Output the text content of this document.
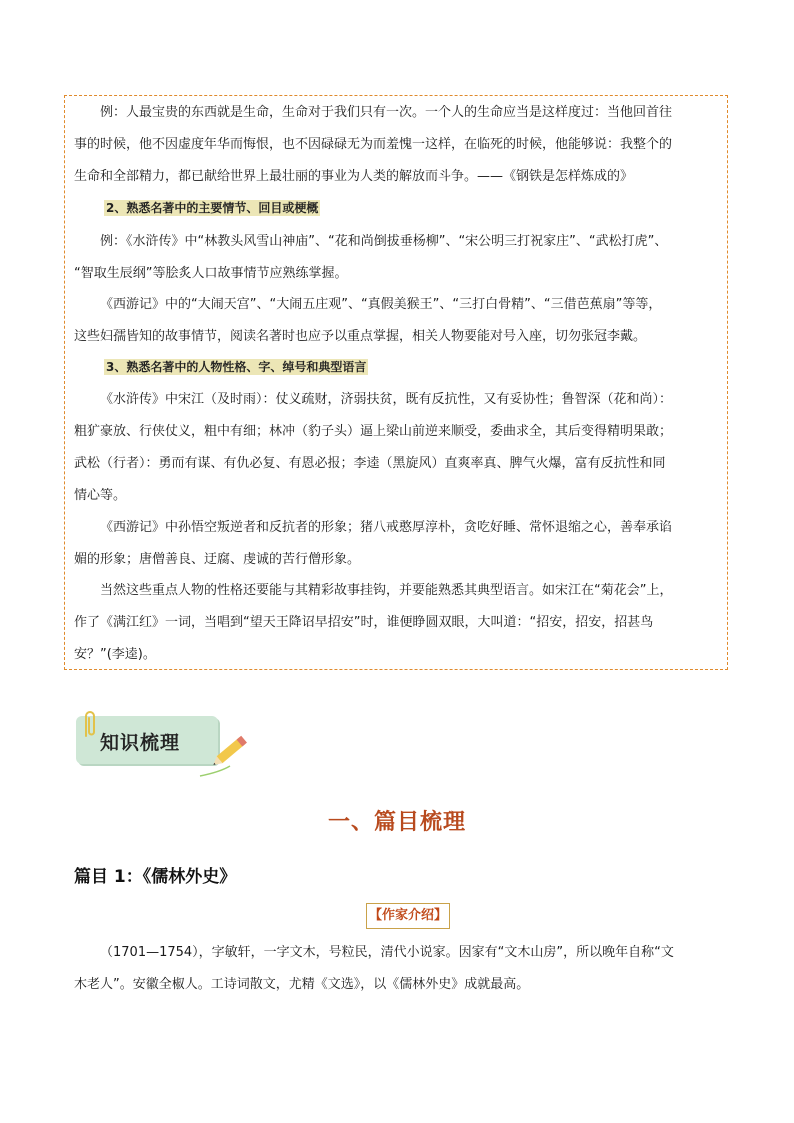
例：人最宝贵的东西就是生命，生命对于我们只有一次。一个人的生命应当是这样度过：当他回首往
事的时候，他不因虚度年华而悔恨，也不因碌碌无为而羞愧一这样，在临死的时候，他能够说：我整个的
生命和全部精力，都已献给世界上最壮丽的事业为人类的解放而斗争。——《钢铁是怎样炼成的》

2、熟悉名著中的主要情节、回目或梗概

例：《水浒传》中“林教头风雪山神庙”、“花和尚倒拔垂杨柳”、“宋公明三打祝家庄”、“武松打虎”、
“智取生辰纲”等脍炙人口故事情节应熟练掌握。

《西游记》中的“大闹天宫”、“大闹五庄观”、“真假美猴王”、“三打白骨精”、“三借芭蕉扇”等等，
这些妇孺皆知的故事情节，阅读名著时也应予以重点掌握，相关人物要能对号入座，切勿张冠李戴。

3、熟悉名著中的人物性格、字、绰号和典型语言

《水浒传》中宋江（及时雨）：仗义疏财，济弱扶贫，既有反抗性，又有妥协性；鲁智深（花和尚）：
粗犷豪放、行侠仗义，粗中有细；林冲（豹子头）逼上梁山前逆来顺受，委曲求全，其后变得精明果敢；
武松（行者）：勇而有谋、有仇必复、有恩必报；李逵（黑旋风）直爽率真、脾气火爆，富有反抗性和同
情心等。

《西游记》中孙悟空叛逆者和反抗者的形象；猪八戒憨厚淳朴，贪吃好睡、常怀退缩之心，善奉承谄
媚的形象；唐僧善良、迂腐、虔诚的苦行僧形象。

当然这些重点人物的性格还要能与其精彩故事挂钩，并要能熟悉其典型语言。如宋江在“菊花会”上，
作了《满江红》一词，当唱到“望天王降诏早招安”时，谁便睁圆双眼，大叫道：“招安，招安，招甚鸟
安？”(李逵)。

知识梳理
一、篇目梳理
篇目 1：《儒林外史》
【作家介绍】

（1701—1754），字敏轩，一字文木，号粒民，清代小说家。因家有“文木山房”，所以晚年自称“文
木老人”。安徽全椒人。工诗词散文，尤精《文选》，以《儒林外史》成就最高。
